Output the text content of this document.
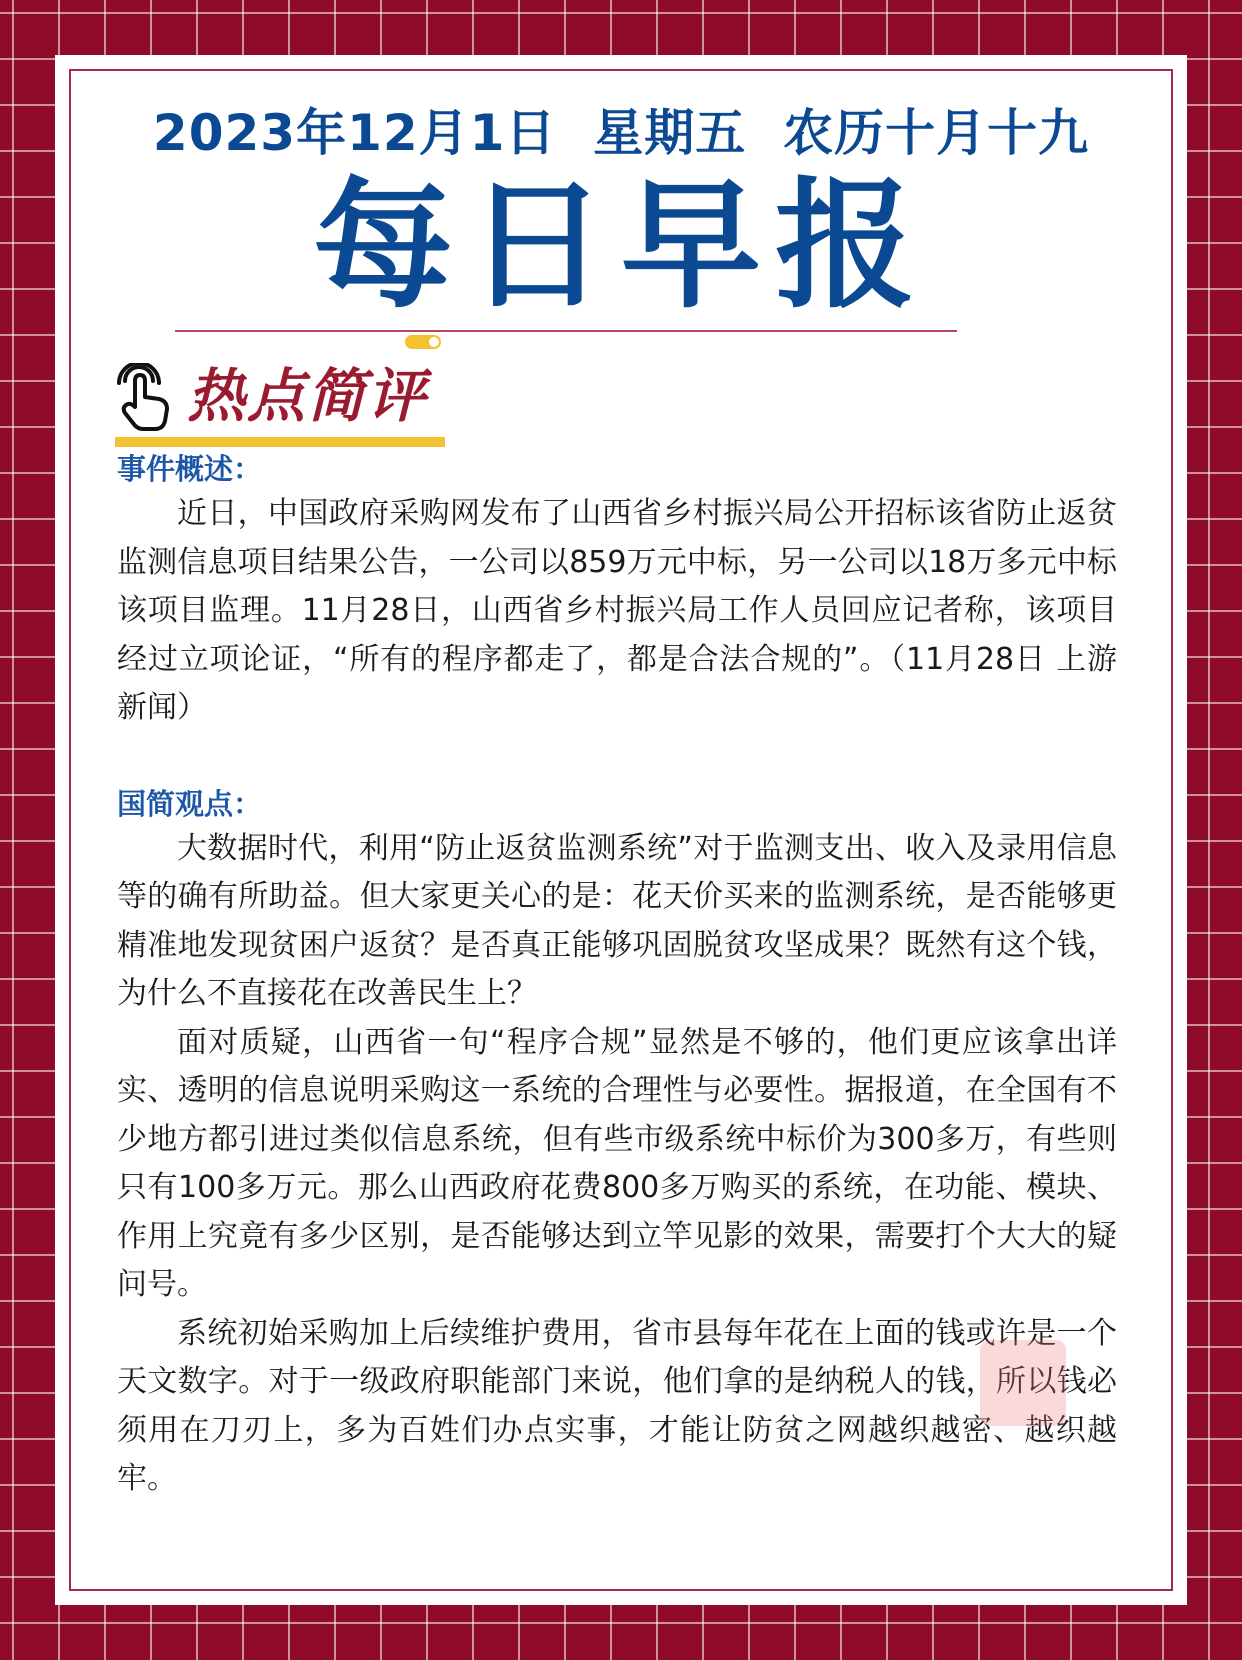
2023年12月1日  星期五  农历十月十九
每日早报
热点简评

事件概述：

近日，中国政府采购网发布了山西省乡村振兴局公开招标该省防止返贫监测信息项目结果公告，一公司以859万元中标，另一公司以18万多元中标该项目监理。11月28日，山西省乡村振兴局工作人员回应记者称，该项目经过立项论证，“所有的程序都走了，都是合法合规的”。（11月28日 上游新闻）

国简观点：

大数据时代，利用“防止返贫监测系统”对于监测支出、收入及录用信息等的确有所助益。但大家更关心的是：花天价买来的监测系统，是否能够更精准地发现贫困户返贫？是否真正能够巩固脱贫攻坚成果？既然有这个钱，为什么不直接花在改善民生上？

面对质疑，山西省一句“程序合规”显然是不够的，他们更应该拿出详实、透明的信息说明采购这一系统的合理性与必要性。据报道，在全国有不少地方都引进过类似信息系统，但有些市级系统中标价为300多万，有些则只有100多万元。那么山西政府花费800多万购买的系统，在功能、模块、作用上究竟有多少区别，是否能够达到立竿见影的效果，需要打个大大的疑问号。

系统初始采购加上后续维护费用，省市县每年花在上面的钱或许是一个天文数字。对于一级政府职能部门来说，他们拿的是纳税人的钱，所以钱必须用在刀刃上，多为百姓们办点实事，才能让防贫之网越织越密、越织越牢。
